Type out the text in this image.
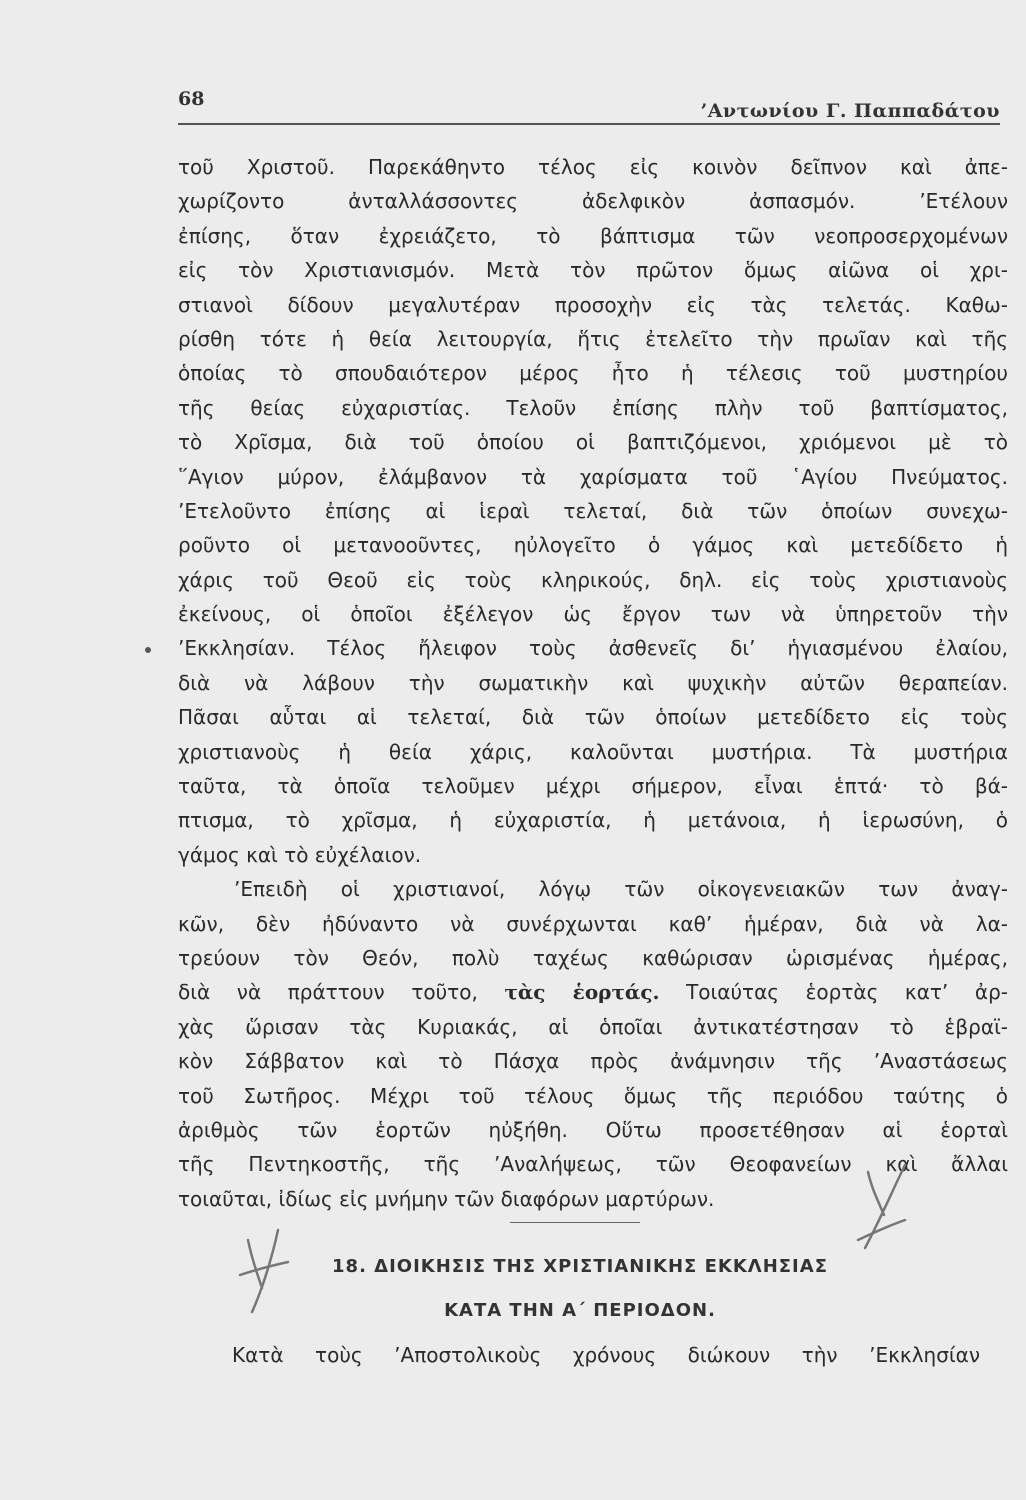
68
’Αντωνίου Γ. Παππαδάτου
τοῦ Χριστοῦ. Παρεκάθηντο τέλος εἰς κοινὸν δεῖπνον καὶ ἀπε-
χωρίζοντο ἀνταλλάσσοντες ἀδελφικὸν ἀσπασμόν. ’Ετέλουν
ἐπίσης, ὅταν ἐχρειάζετο, τὸ βάπτισμα τῶν νεοπροσερχομένων
εἰς τὸν Χριστιανισμόν. Μετὰ τὸν πρῶτον ὅμως αἰῶνα οἱ χρι-
στιανοὶ δίδουν μεγαλυτέραν προσοχὴν εἰς τὰς τελετάς. Καθω-
ρίσθη τότε ἡ θεία λειτουργία, ἥτις ἐτελεῖτο τὴν πρωῖαν καὶ τῆς
ὁποίας τὸ σπουδαιότερον μέρος ἦτο ἡ τέλεσις τοῦ μυστηρίου
τῆς θείας εὐχαριστίας. Τελοῦν ἐπίσης πλὴν τοῦ βαπτίσματος,
τὸ Χρῖσμα, διὰ τοῦ ὁποίου οἱ βαπτιζόμενοι, χριόμενοι μὲ τὸ
῞Αγιον μύρον, ἐλάμβανον τὰ χαρίσματα τοῦ ῾Αγίου Πνεύματος.
’Ετελοῦντο ἐπίσης αἱ ἱεραὶ τελεταί, διὰ τῶν ὁποίων συνεχω-
ροῦντο οἱ μετανοοῦντες, ηὐλογεῖτο ὁ γάμος καὶ μετεδίδετο ἡ
χάρις τοῦ Θεοῦ εἰς τοὺς κληρικούς, δηλ. εἰς τοὺς χριστιανοὺς
ἐκείνους, οἱ ὁποῖοι ἐξέλεγον ὡς ἔργον των νὰ ὑπηρετοῦν τὴν
’Εκκλησίαν. Τέλος ἤλειφον τοὺς ἀσθενεῖς δι’ ἡγιασμένου ἐλαίου,
διὰ νὰ λάβουν τὴν σωματικὴν καὶ ψυχικὴν αὐτῶν θεραπείαν.
Πᾶσαι αὗται αἱ τελεταί, διὰ τῶν ὁποίων μετεδίδετο εἰς τοὺς
χριστιανοὺς ἡ θεία χάρις, καλοῦνται μυστήρια. Τὰ μυστήρια
ταῦτα, τὰ ὁποῖα τελοῦμεν μέχρι σήμερον, εἶναι ἑπτά· τὸ βά-
πτισμα, τὸ χρῖσμα, ἡ εὐχαριστία, ἡ μετάνοια, ἡ ἱερωσύνη, ὁ
γάμος καὶ τὸ εὐχέλαιον.
’Επειδὴ οἱ χριστιανοί, λόγῳ τῶν οἰκογενειακῶν των ἀναγ-
κῶν, δὲν ἠδύναντο νὰ συνέρχωνται καθ’ ἡμέραν, διὰ νὰ λα-
τρεύουν τὸν Θεόν, πολὺ ταχέως καθώρισαν ὡρισμένας ἡμέρας,
διὰ νὰ πράττουν τοῦτο, τὰς ἑορτάς. Τοιαύτας ἑορτὰς κατ’ ἀρ-
χὰς ὥρισαν τὰς Κυριακάς, αἱ ὁποῖαι ἀντικατέστησαν τὸ ἑβραϊ-
κὸν Σάββατον καὶ τὸ Πάσχα πρὸς ἀνάμνησιν τῆς ’Αναστάσεως
τοῦ Σωτῆρος. Μέχρι τοῦ τέλους ὅμως τῆς περιόδου ταύτης ὁ
ἀριθμὸς τῶν ἑορτῶν ηὐξήθη. Οὕτω προσετέθησαν αἱ ἑορταὶ
τῆς Πεντηκοστῆς, τῆς ’Αναλήψεως, τῶν Θεοφανείων καὶ ἄλλαι
τοιαῦται, ἰδίως εἰς μνήμην τῶν διαφόρων μαρτύρων.
18. ΔΙΟΙΚΗΣΙΣ ΤΗΣ ΧΡΙΣΤΙΑΝΙΚΗΣ ΕΚΚΛΗΣΙΑΣ
ΚΑΤΑ ΤΗΝ Α΄ ΠΕΡΙΟΔΟΝ.
Κατὰ τοὺς ’Αποστολικοὺς χρόνους διώκουν τὴν ’Εκκλησίαν
